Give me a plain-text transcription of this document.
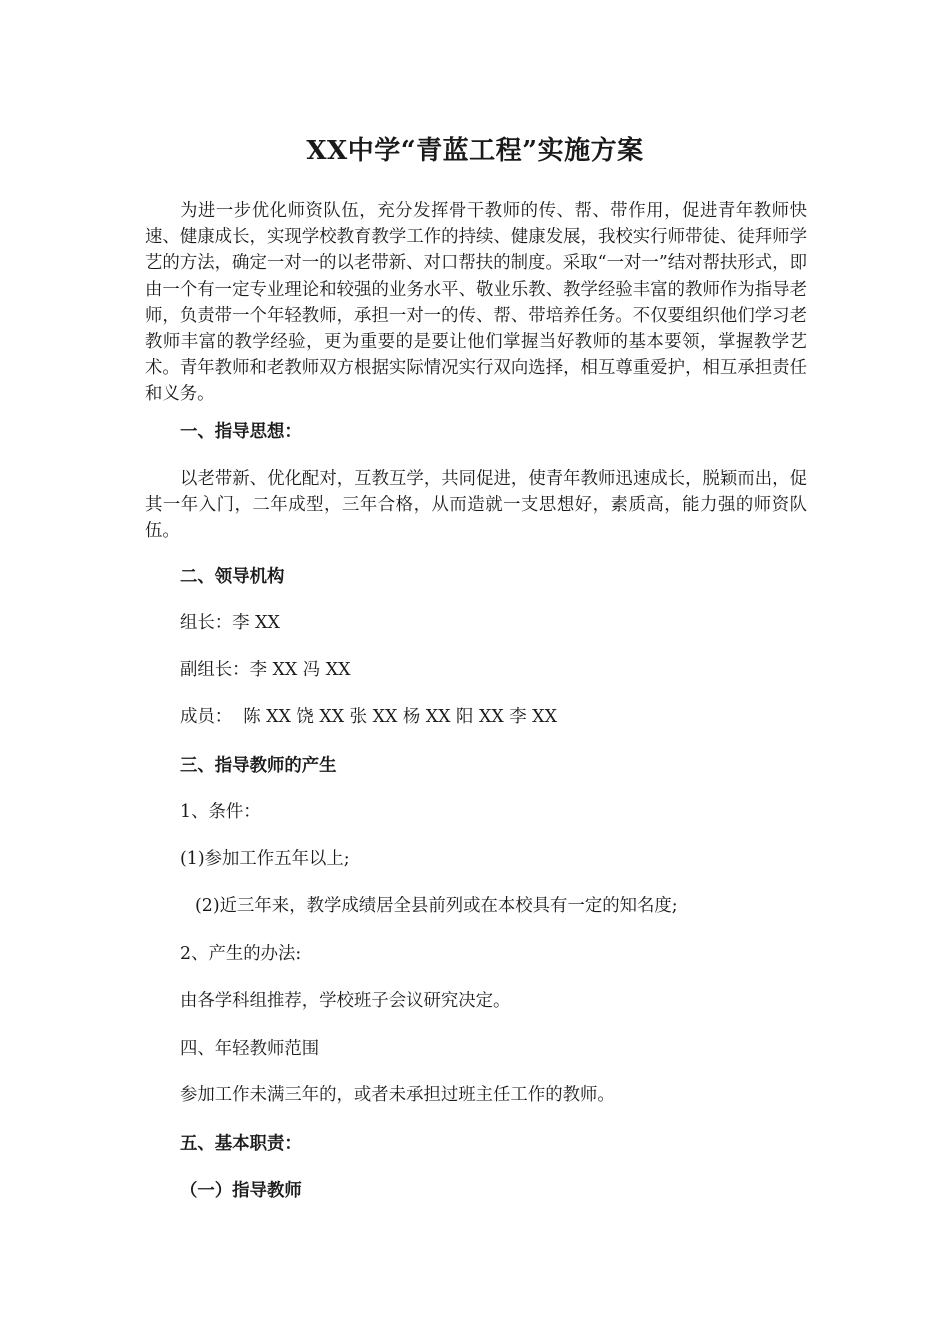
XX中学“青蓝工程”实施方案

为进一步优化师资队伍，充分发挥骨干教师的传、帮、带作用，促进青年教师快速、健康成长，实现学校教育教学工作的持续、健康发展，我校实行师带徒、徒拜师学艺的方法，确定一对一的以老带新、对口帮扶的制度。采取“一对一”结对帮扶形式，即由一个有一定专业理论和较强的业务水平、敬业乐教、教学经验丰富的教师作为指导老师，负责带一个年轻教师，承担一对一的传、帮、带培养任务。不仅要组织他们学习老教师丰富的教学经验，更为重要的是要让他们掌握当好教师的基本要领，掌握教学艺术。青年教师和老教师双方根据实际情况实行双向选择，相互尊重爱护，相互承担责任和义务。

一、指导思想：

以老带新、优化配对，互教互学，共同促进，使青年教师迅速成长，脱颖而出，促其一年入门，二年成型，三年合格，从而造就一支思想好，素质高，能力强的师资队伍。

二、领导机构
组长：李 XX
副组长：李 XX 冯 XX
成员：  陈 XX 饶 XX 张 XX 杨 XX 阳 XX 李 XX
三、指导教师的产生
1、条件：
(1)参加工作五年以上;
(2)近三年来，教学成绩居全县前列或在本校具有一定的知名度;
2、产生的办法:
由各学科组推荐，学校班子会议研究决定。
四、年轻教师范围
参加工作未满三年的，或者未承担过班主任工作的教师。
五、基本职责：
（一）指导教师
